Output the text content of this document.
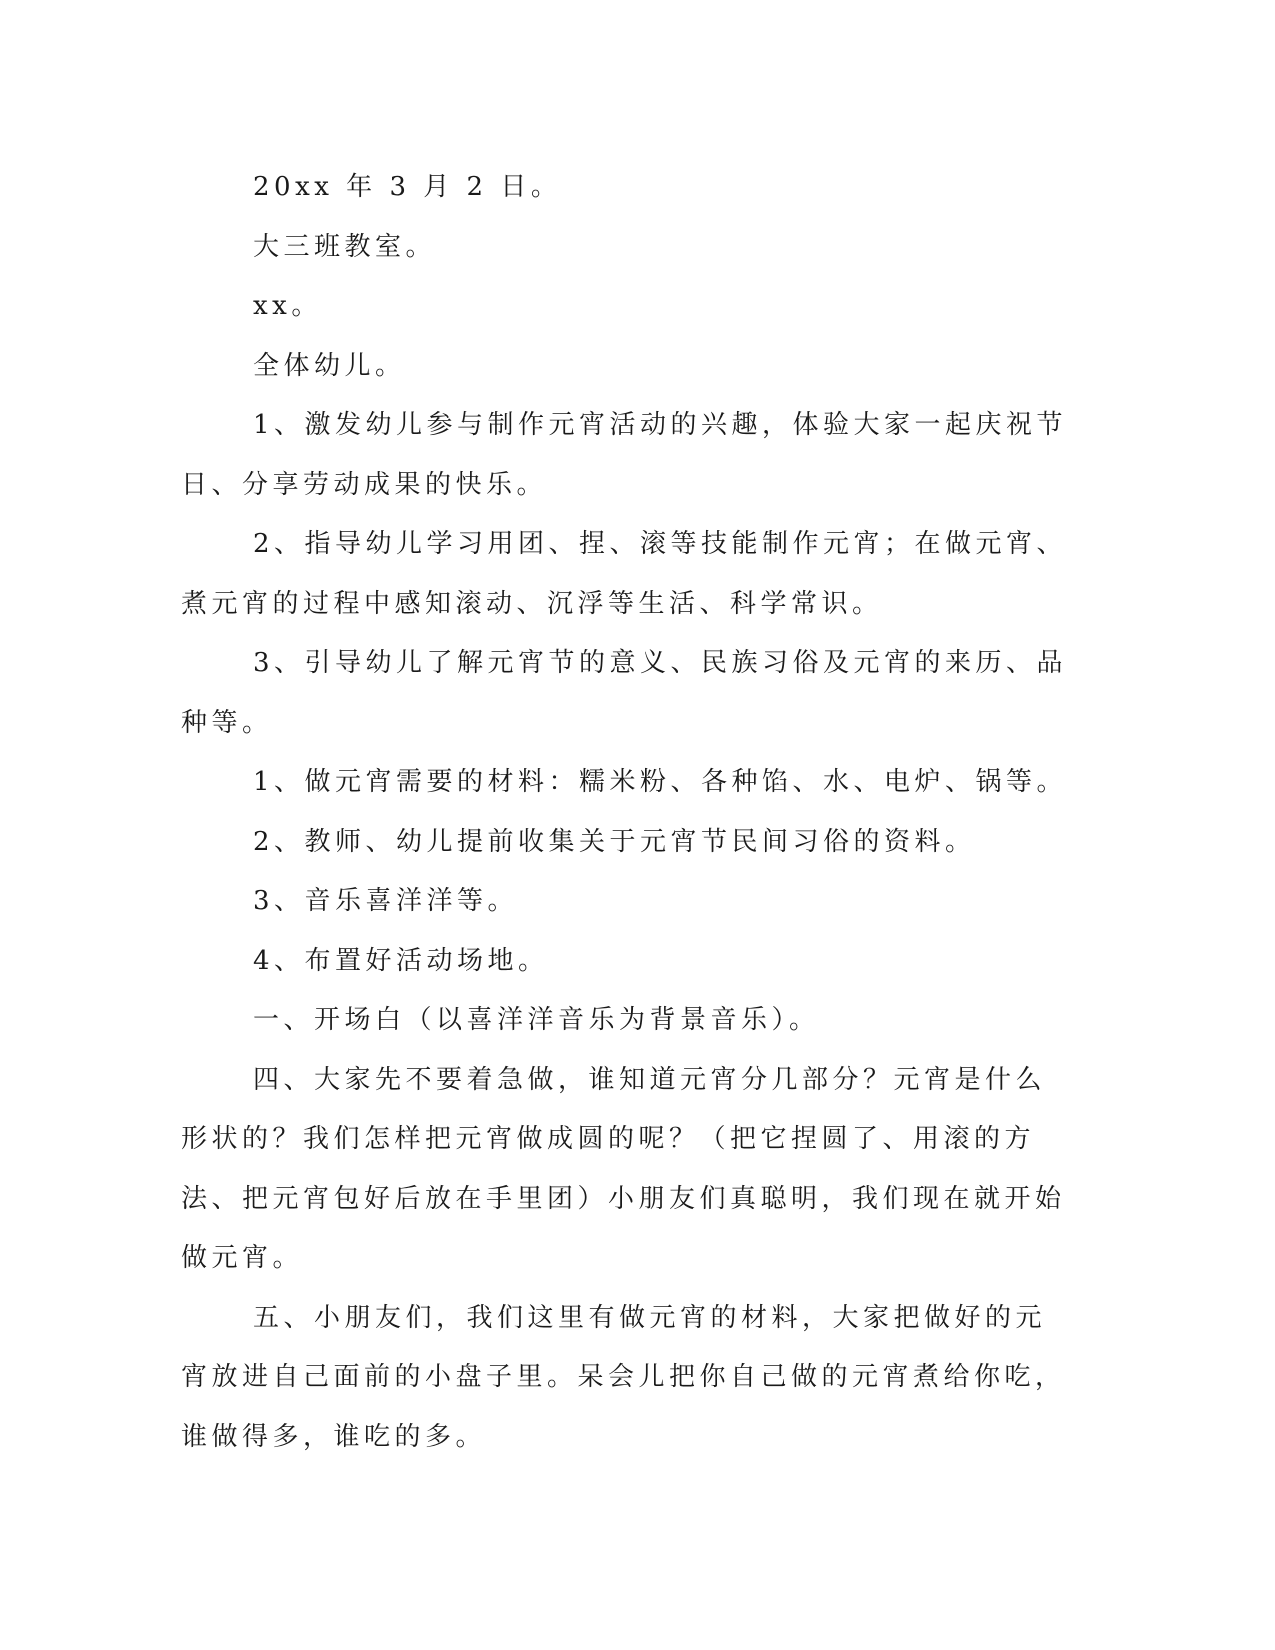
20xx 年 3 月 2 日。

大三班教室。

xx。

全体幼儿。

1、激发幼儿参与制作元宵活动的兴趣，体验大家一起庆祝节日、分享劳动成果的快乐。

2、指导幼儿学习用团、捏、滚等技能制作元宵；在做元宵、煮元宵的过程中感知滚动、沉浮等生活、科学常识。

3、引导幼儿了解元宵节的意义、民族习俗及元宵的来历、品种等。

1、做元宵需要的材料：糯米粉、各种馅、水、电炉、锅等。

2、教师、幼儿提前收集关于元宵节民间习俗的资料。

3、音乐喜洋洋等。

4、布置好活动场地。

一、开场白（以喜洋洋音乐为背景音乐）。

四、大家先不要着急做，谁知道元宵分几部分？元宵是什么形状的？我们怎样把元宵做成圆的呢？（把它捏圆了、用滚的方法、把元宵包好后放在手里团）小朋友们真聪明，我们现在就开始做元宵。

五、小朋友们，我们这里有做元宵的材料，大家把做好的元宵放进自己面前的小盘子里。呆会儿把你自己做的元宵煮给你吃，谁做得多，谁吃的多。
